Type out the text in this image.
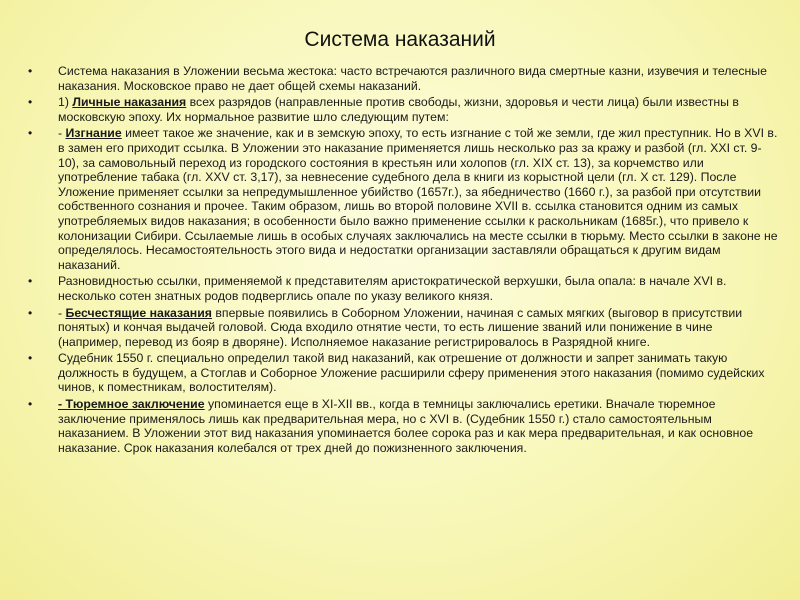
Система наказаний
• Система наказания в Уложении весьма жестока: часто встречаются различного вида смертные казни, изувечия и телесные наказания. Московское право не дает общей схемы наказаний.
• 1) Личные наказания всех разрядов (направленные против свободы, жизни, здоровья и чести лица) были известны в московскую эпоху. Их нормальное развитие шло следующим путем:
• - Изгнание имеет такое же значение, как и в земскую эпоху, то есть изгнание с той же земли, где жил преступник. Но в XVI в. в замен его приходит ссылка. В Уложении это наказание применяется лишь несколько раз за кражу и разбой (гл. XXI ст. 9-10), за самовольный переход из городского состояния в крестьян или холопов (гл. XIX ст. 13), за корчемство или употребление табака (гл. XXV ст. 3,17), за невнесение судебного дела в книги из корыстной цели (гл. X ст. 129). После Уложение применяет ссылки за непредумышленное убийство (1657г.), за ябедничество (1660 г.), за разбой при отсутствии собственного сознания и прочее. Таким образом, лишь во второй половине XVII в. ссылка становится одним из самых употребляемых видов наказания; в особенности было важно применение ссылки к раскольникам (1685г.), что привело к колонизации Сибири. Ссылаемые лишь в особых случаях заключались на месте ссылки в тюрьму. Место ссылки в законе не определялось. Несамостоятельность этого вида и недостатки организации заставляли обращаться к другим видам наказаний.
• Разновидностью ссылки, применяемой к представителям аристократической верхушки, была опала: в начале XVI в. несколько сотен знатных родов подверглись опале по указу великого князя.
• - Бесчестящие наказания впервые появились в Соборном Уложении, начиная с самых мягких (выговор в присутствии понятых) и кончая выдачей головой. Сюда входило отнятие чести, то есть лишение званий или понижение в чине (например, перевод из бояр в дворяне). Исполняемое наказание регистрировалось в Разрядной книге.
• Судебник 1550 г. специально определил такой вид наказаний, как отрешение от должности и запрет занимать такую должность в будущем, а Стоглав и Соборное Уложение расширили сферу применения этого наказания (помимо судейских чинов, к поместникам, волостителям).
• - Тюремное заключение упоминается еще в XI-XII вв., когда в темницы заключались еретики. Вначале тюремное заключение применялось лишь как предварительная мера, но с XVI в. (Судебник 1550 г.) стало самостоятельным наказанием. В Уложении этот вид наказания упоминается более сорока раз и как мера предварительная, и как основное наказание. Срок наказания колебался от трех дней до пожизненного заключения.
